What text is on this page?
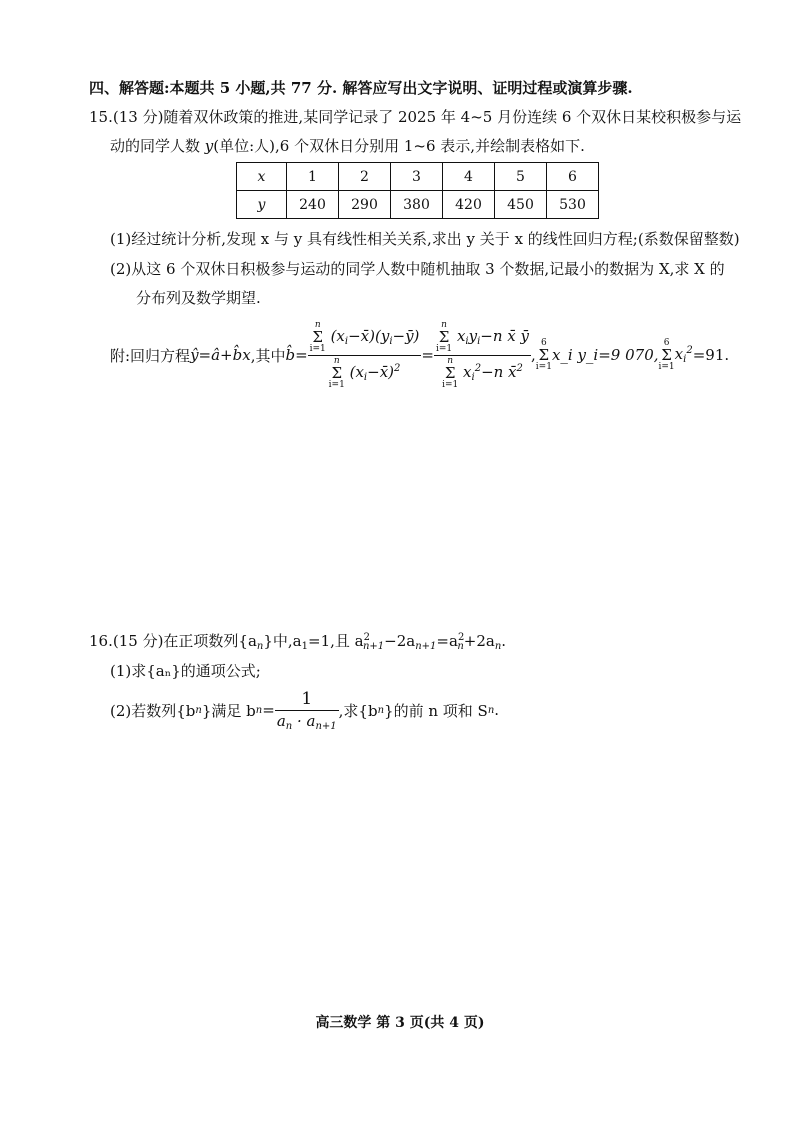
四、解答题:本题共 5 小题,共 77 分. 解答应写出文字说明、证明过程或演算步骤.
15.(13 分)随着双休政策的推进,某同学记录了 2025 年 4~5 月份连续 6 个双休日某校积极参与运
动的同学人数 y(单位:人),6 个双休日分别用 1~6 表示,并绘制表格如下.
x	1	2	3	4	5	6
y	240	290	380	420	450	530
(1)经过统计分析,发现 x 与 y 具有线性相关关系,求出 y 关于 x 的线性回归方程;(系数保留整数)
(2)从这 6 个双休日积极参与运动的同学人数中随机抽取 3 个数据,记最小的数据为 X,求 X 的
分布列及数学期望.
附:回归方程 ŷ=â+b̂x ,其中 b̂= n
Σ
i=1
$(x_i-x̄)(y_i-ȳ)$
n
Σ
i=1
$(x_i-x̄)^2 = n$
Σ
i=1
$x_iy_i-n$ x̄ ȳ
n
Σ
i=1
$x_i^2-n$ x̄$^2$ ,
6
Σ
i=1
x_i y_i=9 070,
6
Σ
i=1
$x_i^2 =91$.
16.(15 分)在正项数列$\{a_n\}$中$,a_1=1$,且 $a^2_{n+1}-2a_{n+1}=a^2_n+2a_n$.
(1)求{aₙ}的通项公式;
(2)若数列{b n }满足 b $n = \frac{1}{a_n \cdot a_{n+1}}$ ,求{b n }的前 n 项和 S n .
高三数学 第 3 页(共 4 页)
